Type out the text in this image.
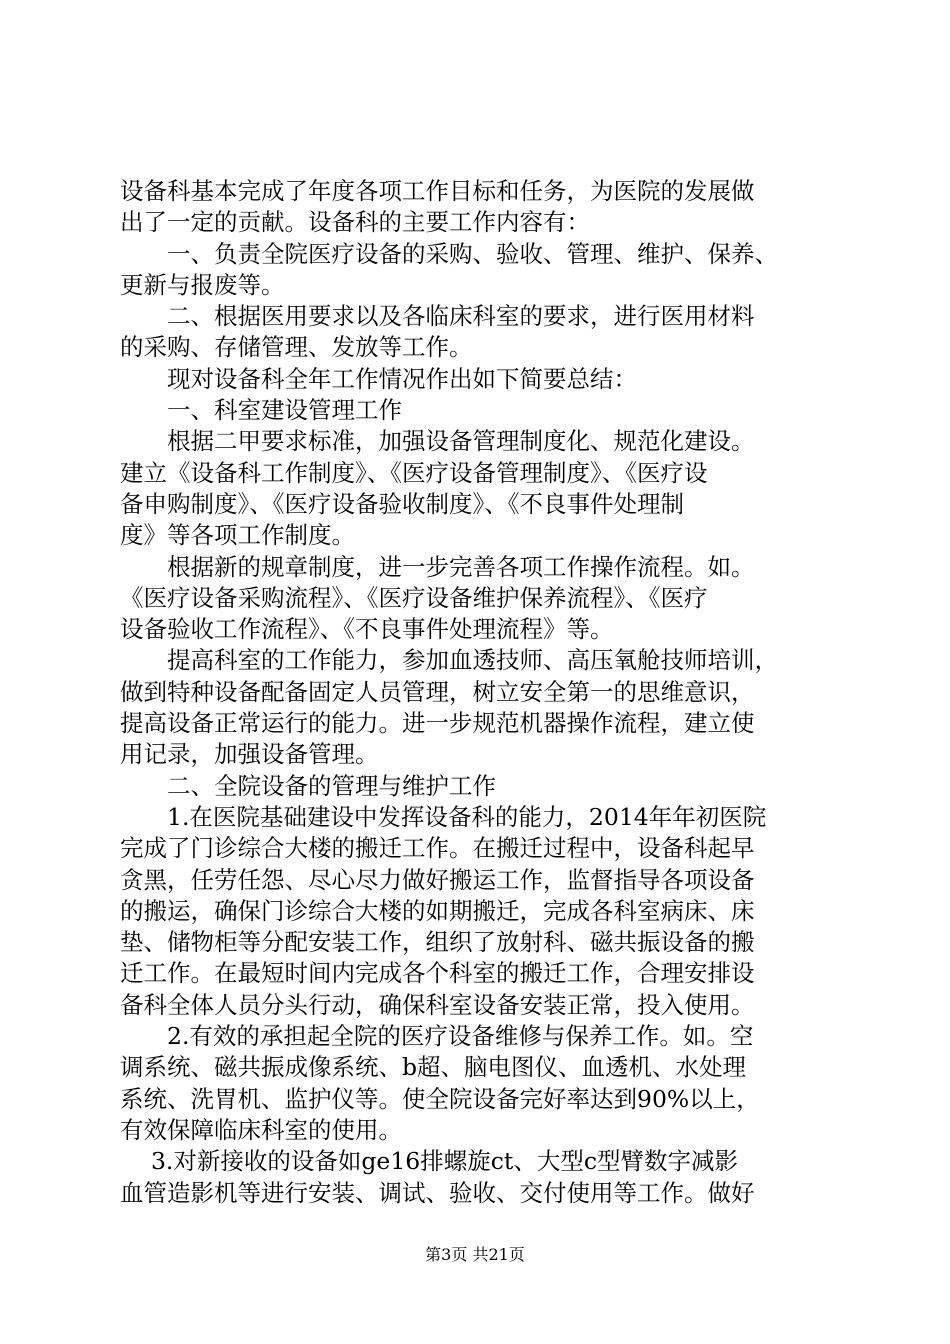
设备科基本完成了年度各项工作目标和任务，为医院的发展做
出了一定的贡献。设备科的主要工作内容有：
　　一、负责全院医疗设备的采购、验收、管理、维护、保养、
更新与报废等。
　　二、根据医用要求以及各临床科室的要求，进行医用材料
的采购、存储管理、发放等工作。
　　现对设备科全年工作情况作出如下简要总结：
　　一、科室建设管理工作
　　根据二甲要求标准，加强设备管理制度化、规范化建设。
建立《设备科工作制度》、《医疗设备管理制度》、《医疗设
备申购制度》、《医疗设备验收制度》、《不良事件处理制
度》等各项工作制度。
　　根据新的规章制度，进一步完善各项工作操作流程。如。
《医疗设备采购流程》、《医疗设备维护保养流程》、《医疗
设备验收工作流程》、《不良事件处理流程》等。
　　提高科室的工作能力，参加血透技师、高压氧舱技师培训，
做到特种设备配备固定人员管理，树立安全第一的思维意识，
提高设备正常运行的能力。进一步规范机器操作流程，建立使
用记录，加强设备管理。
　　二、全院设备的管理与维护工作
　　1.在医院基础建设中发挥设备科的能力，2014年年初医院
完成了门诊综合大楼的搬迁工作。在搬迁过程中，设备科起早
贪黑，任劳任怨、尽心尽力做好搬运工作，监督指导各项设备
的搬运，确保门诊综合大楼的如期搬迁，完成各科室病床、床
垫、储物柜等分配安装工作，组织了放射科、磁共振设备的搬
迁工作。在最短时间内完成各个科室的搬迁工作，合理安排设
备科全体人员分头行动，确保科室设备安装正常，投入使用。
　　2.有效的承担起全院的医疗设备维修与保养工作。如。空
调系统、磁共振成像系统、b超、脑电图仪、血透机、水处理
系统、洗胃机、监护仪等。使全院设备完好率达到90%以上，
有效保障临床科室的使用。
　 3.对新接收的设备如ge16排螺旋ct、大型c型臂数字减影
血管造影机等进行安装、调试、验收、交付使用等工作。做好
第3页 共21页
